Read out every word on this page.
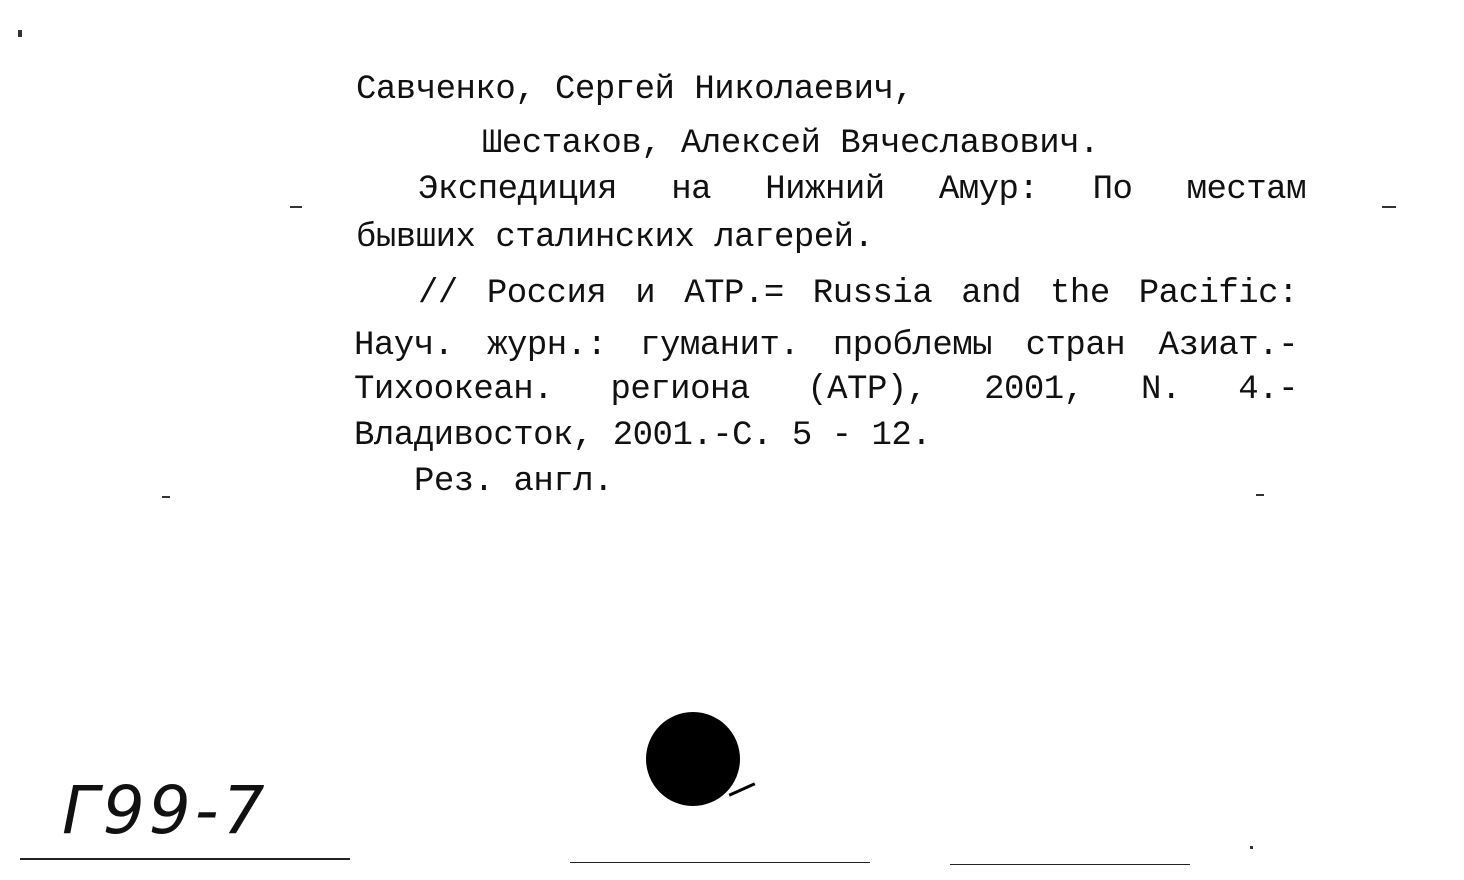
Савченко, Сергей Николаевич,

Шестаков, Алексей Вячеславович.

Экспедиция на Нижний Амур: По местам

бывших сталинских лагерей.

// Россия и АТР.= Russia and the Pacific:

Науч. журн.: гуманит. проблемы стран Азиат.-

Тихоокеан. региона (АТР), 2001, N. 4.-

Владивосток, 2001.-С. 5 - 12.

Рез. англ.

Г99-7
